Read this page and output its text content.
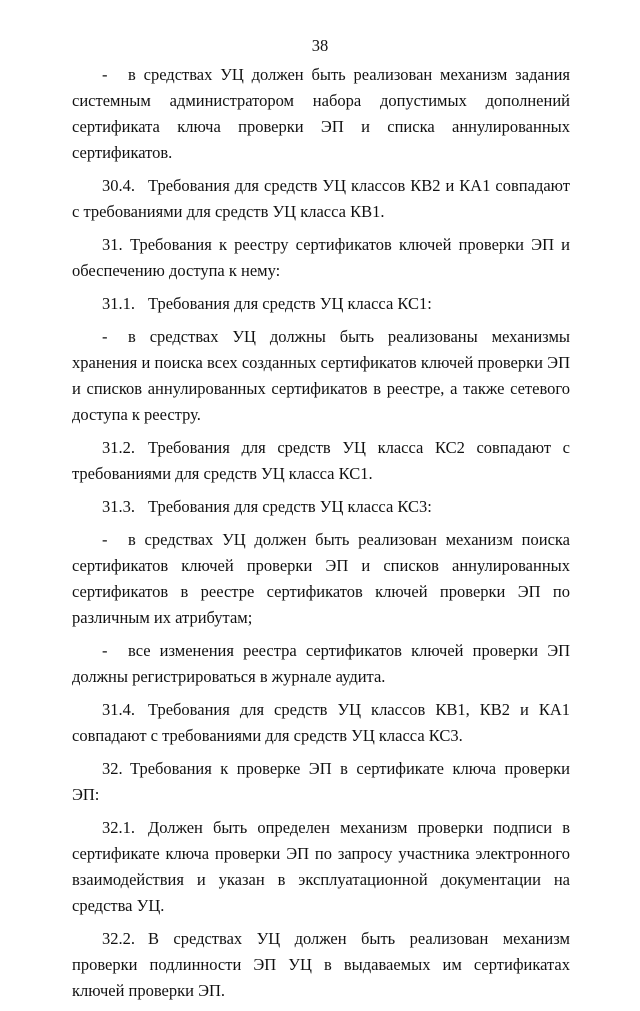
38

- в средствах УЦ должен быть реализован механизм задания системным администратором набора допустимых дополнений сертификата ключа проверки ЭП и списка аннулированных сертификатов.

30.4. Требования для средств УЦ классов КВ2 и КА1 совпадают с требованиями для средств УЦ класса КВ1.

31. Требования к реестру сертификатов ключей проверки ЭП и обеспечению доступа к нему:

31.1. Требования для средств УЦ класса КС1:

- в средствах УЦ должны быть реализованы механизмы хранения и поиска всех созданных сертификатов ключей проверки ЭП и списков аннулированных сертификатов в реестре, а также сетевого доступа к реестру.

31.2. Требования для средств УЦ класса КС2 совпадают с требованиями для средств УЦ класса КС1.

31.3. Требования для средств УЦ класса КС3:

- в средствах УЦ должен быть реализован механизм поиска сертификатов ключей проверки ЭП и списков аннулированных сертификатов в реестре сертификатов ключей проверки ЭП по различным их атрибутам;

- все изменения реестра сертификатов ключей проверки ЭП должны регистрироваться в журнале аудита.

31.4. Требования для средств УЦ классов КВ1, КВ2 и КА1 совпадают с требованиями для средств УЦ класса КС3.

32. Требования к проверке ЭП в сертификате ключа проверки ЭП:

32.1. Должен быть определен механизм проверки подписи в сертификате ключа проверки ЭП по запросу участника электронного взаимодействия и указан в эксплуатационной документации на средства УЦ.

32.2. В средствах УЦ должен быть реализован механизм проверки подлинности ЭП УЦ в выдаваемых им сертификатах ключей проверки ЭП.
